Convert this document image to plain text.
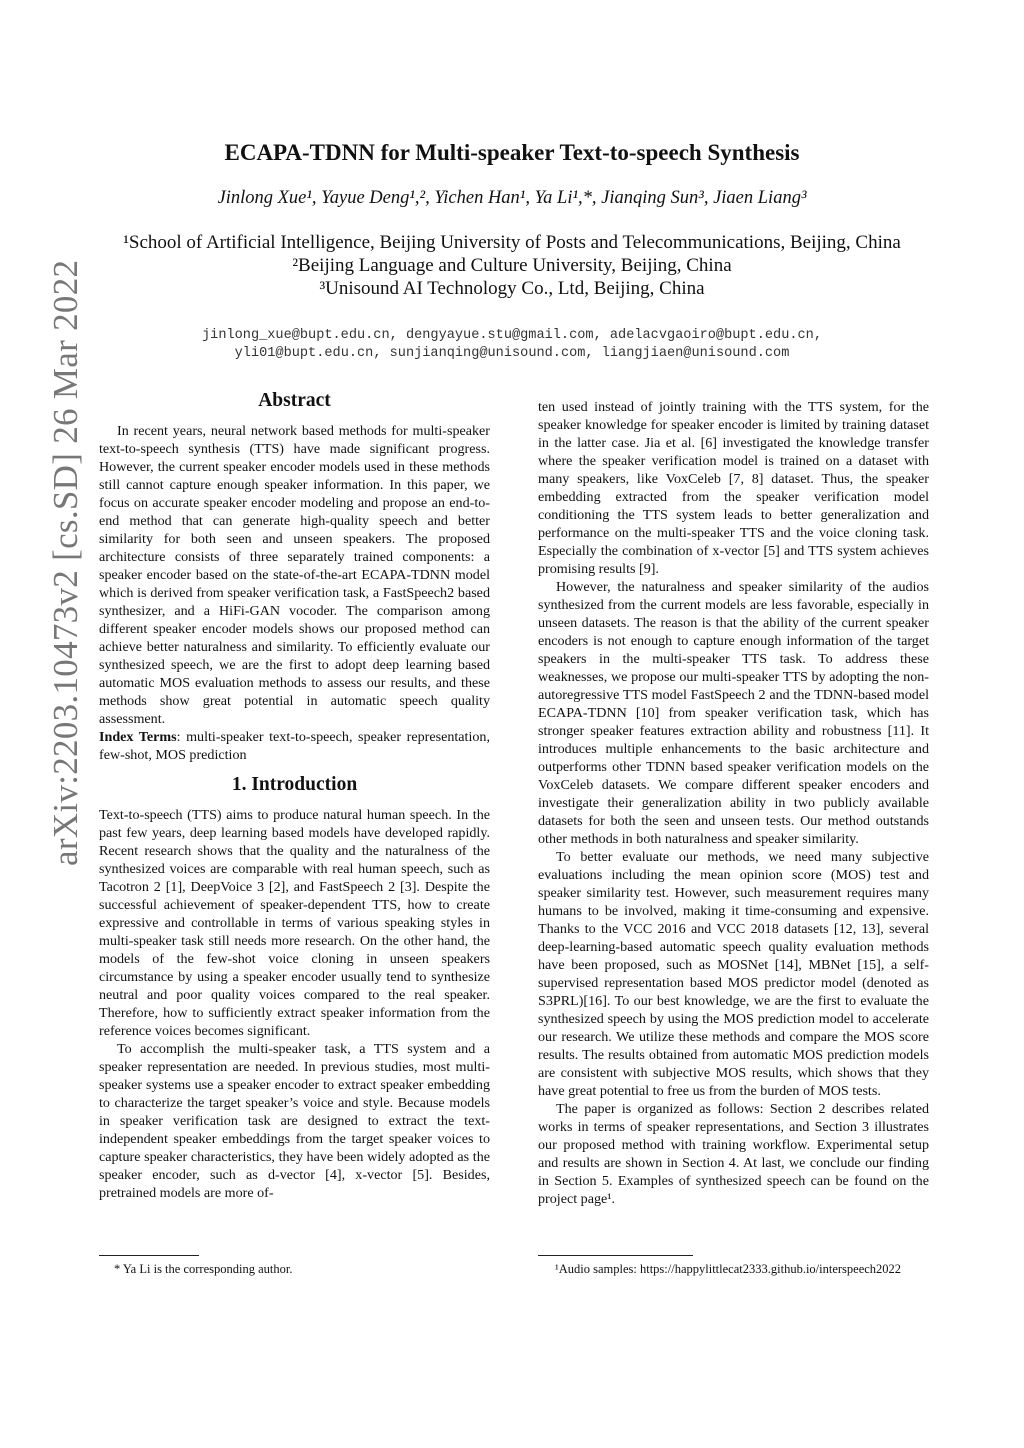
arXiv:2203.10473v2 [cs.SD] 26 Mar 2022
ECAPA-TDNN for Multi-speaker Text-to-speech Synthesis
Jinlong Xue¹, Yayue Deng¹,², Yichen Han¹, Ya Li¹,*, Jianqing Sun³, Jiaen Liang³
¹School of Artificial Intelligence, Beijing University of Posts and Telecommunications, Beijing, China
²Beijing Language and Culture University, Beijing, China
³Unisound AI Technology Co., Ltd, Beijing, China
jinlong_xue@bupt.edu.cn, dengyayue.stu@gmail.com, adelacvgaoiro@bupt.edu.cn,
yli01@bupt.edu.cn, sunjianqing@unisound.com, liangjiaen@unisound.com
Abstract

In recent years, neural network based methods for multi-speaker text-to-speech synthesis (TTS) have made significant progress. However, the current speaker encoder models used in these methods still cannot capture enough speaker information. In this paper, we focus on accurate speaker encoder modeling and propose an end-to-end method that can generate high-quality speech and better similarity for both seen and unseen speakers. The proposed architecture consists of three separately trained components: a speaker encoder based on the state-of-the-art ECAPA-TDNN model which is derived from speaker verification task, a FastSpeech2 based synthesizer, and a HiFi-GAN vocoder. The comparison among different speaker encoder models shows our proposed method can achieve better naturalness and similarity. To efficiently evaluate our synthesized speech, we are the first to adopt deep learning based automatic MOS evaluation methods to assess our results, and these methods show great potential in automatic speech quality assessment.

Index Terms: multi-speaker text-to-speech, speaker representation, few-shot, MOS prediction

1. Introduction

Text-to-speech (TTS) aims to produce natural human speech. In the past few years, deep learning based models have developed rapidly. Recent research shows that the quality and the naturalness of the synthesized voices are comparable with real human speech, such as Tacotron 2 [1], DeepVoice 3 [2], and FastSpeech 2 [3]. Despite the successful achievement of speaker-dependent TTS, how to create expressive and controllable in terms of various speaking styles in multi-speaker task still needs more research. On the other hand, the models of the few-shot voice cloning in unseen speakers circumstance by using a speaker encoder usually tend to synthesize neutral and poor quality voices compared to the real speaker. Therefore, how to sufficiently extract speaker information from the reference voices becomes significant.

To accomplish the multi-speaker task, a TTS system and a speaker representation are needed. In previous studies, most multi-speaker systems use a speaker encoder to extract speaker embedding to characterize the target speaker’s voice and style. Because models in speaker verification task are designed to extract the text-independent speaker embeddings from the target speaker voices to capture speaker characteristics, they have been widely adopted as the speaker encoder, such as d-vector [4], x-vector [5]. Besides, pretrained models are more of-

ten used instead of jointly training with the TTS system, for the speaker knowledge for speaker encoder is limited by training dataset in the latter case. Jia et al. [6] investigated the knowledge transfer where the speaker verification model is trained on a dataset with many speakers, like VoxCeleb [7, 8] dataset. Thus, the speaker embedding extracted from the speaker verification model conditioning the TTS system leads to better generalization and performance on the multi-speaker TTS and the voice cloning task. Especially the combination of x-vector [5] and TTS system achieves promising results [9].

However, the naturalness and speaker similarity of the audios synthesized from the current models are less favorable, especially in unseen datasets. The reason is that the ability of the current speaker encoders is not enough to capture enough information of the target speakers in the multi-speaker TTS task. To address these weaknesses, we propose our multi-speaker TTS by adopting the non-autoregressive TTS model FastSpeech 2 and the TDNN-based model ECAPA-TDNN [10] from speaker verification task, which has stronger speaker features extraction ability and robustness [11]. It introduces multiple enhancements to the basic architecture and outperforms other TDNN based speaker verification models on the VoxCeleb datasets. We compare different speaker encoders and investigate their generalization ability in two publicly available datasets for both the seen and unseen tests. Our method outstands other methods in both naturalness and speaker similarity.

To better evaluate our methods, we need many subjective evaluations including the mean opinion score (MOS) test and speaker similarity test. However, such measurement requires many humans to be involved, making it time-consuming and expensive. Thanks to the VCC 2016 and VCC 2018 datasets [12, 13], several deep-learning-based automatic speech quality evaluation methods have been proposed, such as MOSNet [14], MBNet [15], a self-supervised representation based MOS predictor model (denoted as S3PRL)[16]. To our best knowledge, we are the first to evaluate the synthesized speech by using the MOS prediction model to accelerate our research. We utilize these methods and compare the MOS score results. The results obtained from automatic MOS prediction models are consistent with subjective MOS results, which shows that they have great potential to free us from the burden of MOS tests.

The paper is organized as follows: Section 2 describes related works in terms of speaker representations, and Section 3 illustrates our proposed method with training workflow. Experimental setup and results are shown in Section 4. At last, we conclude our finding in Section 5. Examples of synthesized speech can be found on the project page¹.

* Ya Li is the corresponding author.	¹Audio samples: https://happylittlecat2333.github.io/interspeech2022
